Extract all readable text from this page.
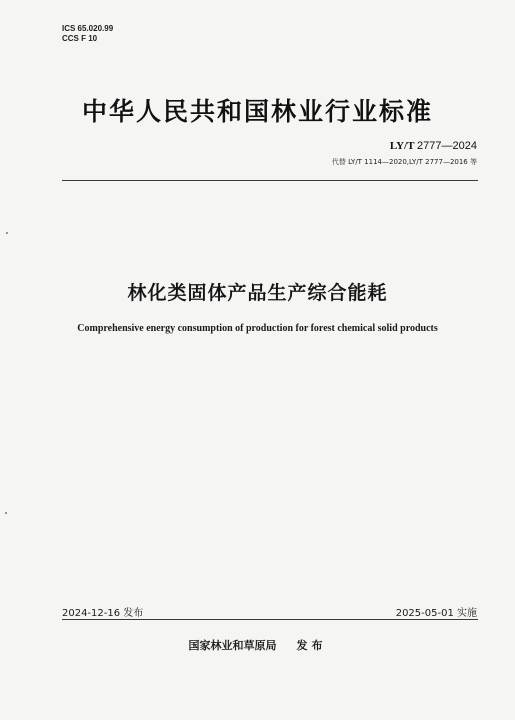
ICS 65.020.99
CCS F 10
中华人民共和国林业行业标准
LY/T 2777—2024
代替 LY/T 1114—2020,LY/T 2777—2016 等
林化类固体产品生产综合能耗
Comprehensive energy consumption of production for forest chemical solid products
2024-12-16 发布	2025-05-01 实施
国家林业和草原局 发布
